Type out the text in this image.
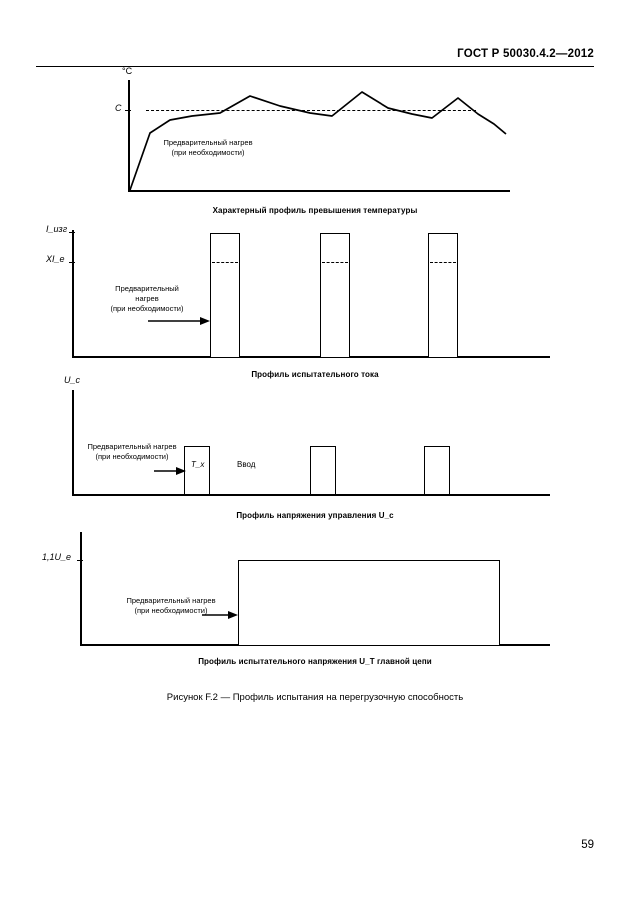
ГОСТ Р 50030.4.2—2012
°C
C
Предварительный нагрев
(при необходимости)
Характерный профиль превышения температуры
I_изг
XI_e
Предварительный
нагрев
(при необходимости)
Профиль испытательного тока
U_c
T_x	Ввод
Предварительный нагрев
(при необходимости)
Профиль напряжения управления U_c
1,1U_e
Предварительный нагрев
(при необходимости)
Профиль испытательного напряжения U_T главной цепи
Рисунок F.2 — Профиль испытания на перегрузочную способность
59
